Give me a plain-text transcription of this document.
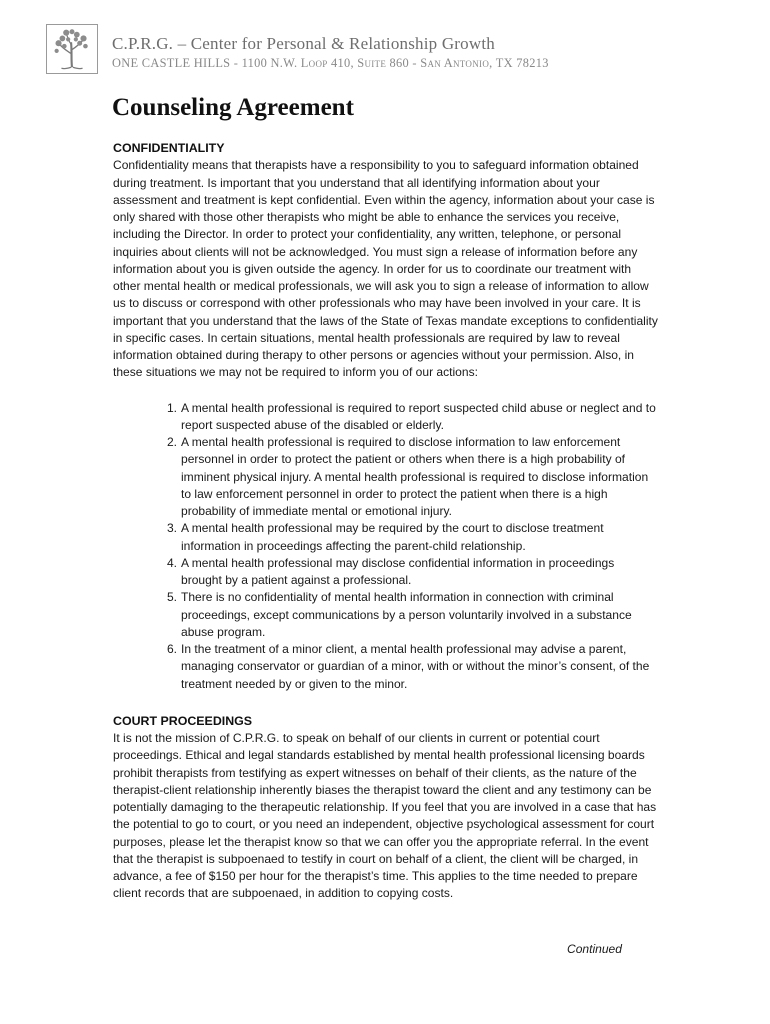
C.P.R.G. – Center for Personal & Relationship Growth
ONE CASTLE HILLS - 1100 N.W. Loop 410, Suite 860 - San Antonio, TX 78213
Counseling Agreement
CONFIDENTIALITY

Confidentiality means that therapists have a responsibility to you to safeguard information obtained during treatment. Is important that you understand that all identifying information about your assessment and treatment is kept confidential. Even within the agency, information about your case is only shared with those other therapists who might be able to enhance the services you receive, including the Director. In order to protect your confidentiality, any written, telephone, or personal inquiries about clients will not be acknowledged. You must sign a release of information before any information about you is given outside the agency. In order for us to coordinate our treatment with other mental health or medical professionals, we will ask you to sign a release of information to allow us to discuss or correspond with other professionals who may have been involved in your care. It is important that you understand that the laws of the State of Texas mandate exceptions to confidentiality in specific cases. In certain situations, mental health professionals are required by law to reveal information obtained during therapy to other persons or agencies without your permission. Also, in these situations we may not be required to inform you of our actions:

1. A mental health professional is required to report suspected child abuse or neglect and to report suspected abuse of the disabled or elderly.
2. A mental health professional is required to disclose information to law enforcement personnel in order to protect the patient or others when there is a high probability of imminent physical injury. A mental health professional is required to disclose information to law enforcement personnel in order to protect the patient when there is a high probability of immediate mental or emotional injury.
3. A mental health professional may be required by the court to disclose treatment information in proceedings affecting the parent-child relationship.
4. A mental health professional may disclose confidential information in proceedings brought by a patient against a professional.
5. There is no confidentiality of mental health information in connection with criminal proceedings, except communications by a person voluntarily involved in a substance abuse program.
6. In the treatment of a minor client, a mental health professional may advise a parent, managing conservator or guardian of a minor, with or without the minor’s consent, of the treatment needed by or given to the minor.
COURT PROCEEDINGS

It is not the mission of C.P.R.G. to speak on behalf of our clients in current or potential court proceedings. Ethical and legal standards established by mental health professional licensing boards prohibit therapists from testifying as expert witnesses on behalf of their clients, as the nature of the therapist-client relationship inherently biases the therapist toward the client and any testimony can be potentially damaging to the therapeutic relationship. If you feel that you are involved in a case that has the potential to go to court, or you need an independent, objective psychological assessment for court purposes, please let the therapist know so that we can offer you the appropriate referral. In the event that the therapist is subpoenaed to testify in court on behalf of a client, the client will be charged, in advance, a fee of $150 per hour for the therapist’s time. This applies to the time needed to prepare client records that are subpoenaed, in addition to copying costs.

Continued
